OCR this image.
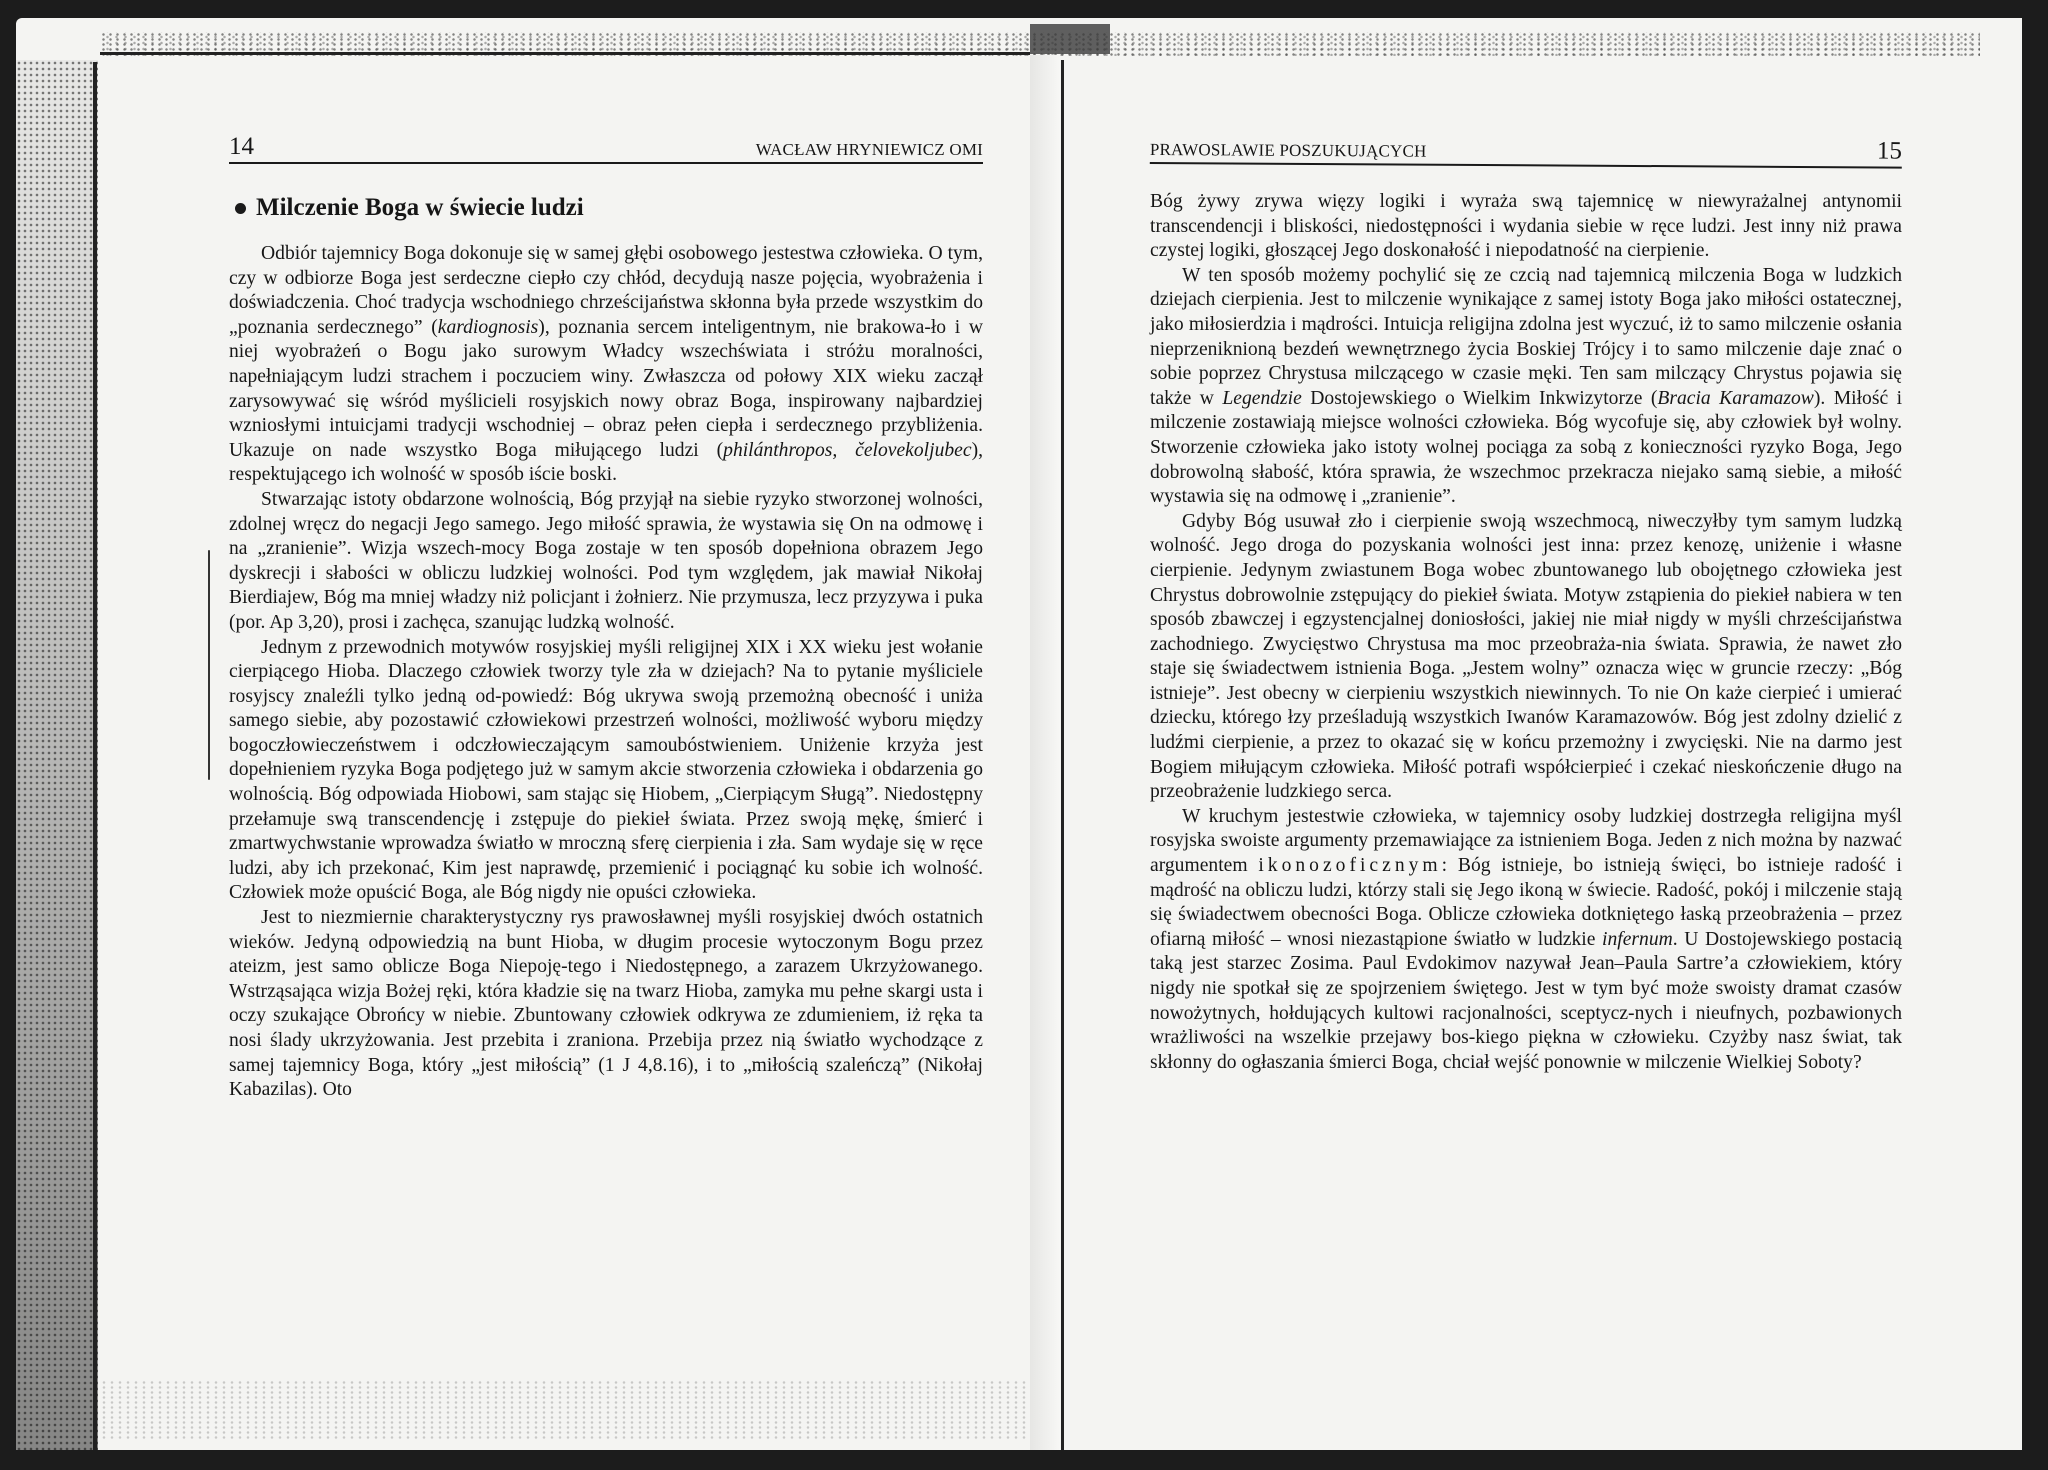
14	WACŁAW HRYNIEWICZ OMI
Milczenie Boga w świecie ludzi

Odbiór tajemnicy Boga dokonuje się w samej głębi osobowego jestestwa człowieka. O tym, czy w odbiorze Boga jest serdeczne ciepło czy chłód, decydują nasze pojęcia, wyobrażenia i doświadczenia. Choć tradycja wschodniego chrześcijaństwa skłonna była przede wszystkim do „poznania serdecznego” (kardiognosis), poznania sercem inteligentnym, nie brakowa-ło i w niej wyobrażeń o Bogu jako surowym Władcy wszechświata i stróżu moralności, napełniającym ludzi strachem i poczuciem winy. Zwłaszcza od połowy XIX wieku zaczął zarysowywać się wśród myślicieli rosyjskich nowy obraz Boga, inspirowany najbardziej wzniosłymi intuicjami tradycji wschodniej – obraz pełen ciepła i serdecznego przybliżenia. Ukazuje on nade wszystko Boga miłującego ludzi (philánthropos, čelovekoljubec), respektującego ich wolność w sposób iście boski.

Stwarzając istoty obdarzone wolnością, Bóg przyjął na siebie ryzyko stworzonej wolności, zdolnej wręcz do negacji Jego samego. Jego miłość sprawia, że wystawia się On na odmowę i na „zranienie”. Wizja wszech-mocy Boga zostaje w ten sposób dopełniona obrazem Jego dyskrecji i słabości w obliczu ludzkiej wolności. Pod tym względem, jak mawiał Nikołaj Bierdiajew, Bóg ma mniej władzy niż policjant i żołnierz. Nie przymusza, lecz przyzywa i puka (por. Ap 3,20), prosi i zachęca, szanując ludzką wolność.

Jednym z przewodnich motywów rosyjskiej myśli religijnej XIX i XX wieku jest wołanie cierpiącego Hioba. Dlaczego człowiek tworzy tyle zła w dziejach? Na to pytanie myśliciele rosyjscy znaleźli tylko jedną od-powiedź: Bóg ukrywa swoją przemożną obecność i uniża samego siebie, aby pozostawić człowiekowi przestrzeń wolności, możliwość wyboru między bogoczłowieczeństwem i odczłowieczającym samoubóstwieniem. Uniżenie krzyża jest dopełnieniem ryzyka Boga podjętego już w samym akcie stworzenia człowieka i obdarzenia go wolnością. Bóg odpowiada Hiobowi, sam stając się Hiobem, „Cierpiącym Sługą”. Niedostępny przełamuje swą transcendencję i zstępuje do piekieł świata. Przez swoją mękę, śmierć i zmartwychwstanie wprowadza światło w mroczną sferę cierpienia i zła. Sam wydaje się w ręce ludzi, aby ich przekonać, Kim jest naprawdę, przemienić i pociągnąć ku sobie ich wolność. Człowiek może opuścić Boga, ale Bóg nigdy nie opuści człowieka.

Jest to niezmiernie charakterystyczny rys prawosławnej myśli rosyjskiej dwóch ostatnich wieków. Jedyną odpowiedzią na bunt Hioba, w długim procesie wytoczonym Bogu przez ateizm, jest samo oblicze Boga Niepoję-tego i Niedostępnego, a zarazem Ukrzyżowanego. Wstrząsająca wizja Bożej ręki, która kładzie się na twarz Hioba, zamyka mu pełne skargi usta i oczy szukające Obrońcy w niebie. Zbuntowany człowiek odkrywa ze zdumieniem, iż ręka ta nosi ślady ukrzyżowania. Jest przebita i zraniona. Przebija przez nią światło wychodzące z samej tajemnicy Boga, który „jest miłością” (1 J 4,8.16), i to „miłością szaleńczą” (Nikołaj Kabazilas). Oto

PRAWOSLAWIE POSZUKUJĄCYCH	15

Bóg żywy zrywa więzy logiki i wyraża swą tajemnicę w niewyrażalnej antynomii transcendencji i bliskości, niedostępności i wydania siebie w ręce ludzi. Jest inny niż prawa czystej logiki, głoszącej Jego doskonałość i niepodatność na cierpienie.

W ten sposób możemy pochylić się ze czcią nad tajemnicą milczenia Boga w ludzkich dziejach cierpienia. Jest to milczenie wynikające z samej istoty Boga jako miłości ostatecznej, jako miłosierdzia i mądrości. Intuicja religijna zdolna jest wyczuć, iż to samo milczenie osłania nieprzeniknioną bezdeń wewnętrznego życia Boskiej Trójcy i to samo milczenie daje znać o sobie poprzez Chrystusa milczącego w czasie męki. Ten sam milczący Chrystus pojawia się także w Legendzie Dostojewskiego o Wielkim Inkwizytorze (Bracia Karamazow). Miłość i milczenie zostawiają miejsce wolności człowieka. Bóg wycofuje się, aby człowiek był wolny. Stworzenie człowieka jako istoty wolnej pociąga za sobą z konieczności ryzyko Boga, Jego dobrowolną słabość, która sprawia, że wszechmoc przekracza niejako samą siebie, a miłość wystawia się na odmowę i „zranienie”.

Gdyby Bóg usuwał zło i cierpienie swoją wszechmocą, niweczyłby tym samym ludzką wolność. Jego droga do pozyskania wolności jest inna: przez kenozę, uniżenie i własne cierpienie. Jedynym zwiastunem Boga wobec zbuntowanego lub obojętnego człowieka jest Chrystus dobrowolnie zstępujący do piekieł świata. Motyw zstąpienia do piekieł nabiera w ten sposób zbawczej i egzystencjalnej doniosłości, jakiej nie miał nigdy w myśli chrześcijaństwa zachodniego. Zwycięstwo Chrystusa ma moc przeobraża-nia świata. Sprawia, że nawet zło staje się świadectwem istnienia Boga. „Jestem wolny” oznacza więc w gruncie rzeczy: „Bóg istnieje”. Jest obecny w cierpieniu wszystkich niewinnych. To nie On każe cierpieć i umierać dziecku, którego łzy prześladują wszystkich Iwanów Karamazowów. Bóg jest zdolny dzielić z ludźmi cierpienie, a przez to okazać się w końcu przemożny i zwycięski. Nie na darmo jest Bogiem miłującym człowieka. Miłość potrafi współcierpieć i czekać nieskończenie długo na przeobrażenie ludzkiego serca.

W kruchym jestestwie człowieka, w tajemnicy osoby ludzkiej dostrzegła religijna myśl rosyjska swoiste argumenty przemawiające za istnieniem Boga. Jeden z nich można by nazwać argumentem ikonozoficznym: Bóg istnieje, bo istnieją święci, bo istnieje radość i mądrość na obliczu ludzi, którzy stali się Jego ikoną w świecie. Radość, pokój i milczenie stają się świadectwem obecności Boga. Oblicze człowieka dotkniętego łaską przeobrażenia – przez ofiarną miłość – wnosi niezastąpione światło w ludzkie infernum. U Dostojewskiego postacią taką jest starzec Zosima. Paul Evdokimov nazywał Jean–Paula Sartre’a człowiekiem, który nigdy nie spotkał się ze spojrzeniem świętego. Jest w tym być może swoisty dramat czasów nowożytnych, hołdujących kultowi racjonalności, sceptycz-nych i nieufnych, pozbawionych wrażliwości na wszelkie przejawy bos-kiego piękna w człowieku. Czyżby nasz świat, tak skłonny do ogłaszania śmierci Boga, chciał wejść ponownie w milczenie Wielkiej Soboty?
